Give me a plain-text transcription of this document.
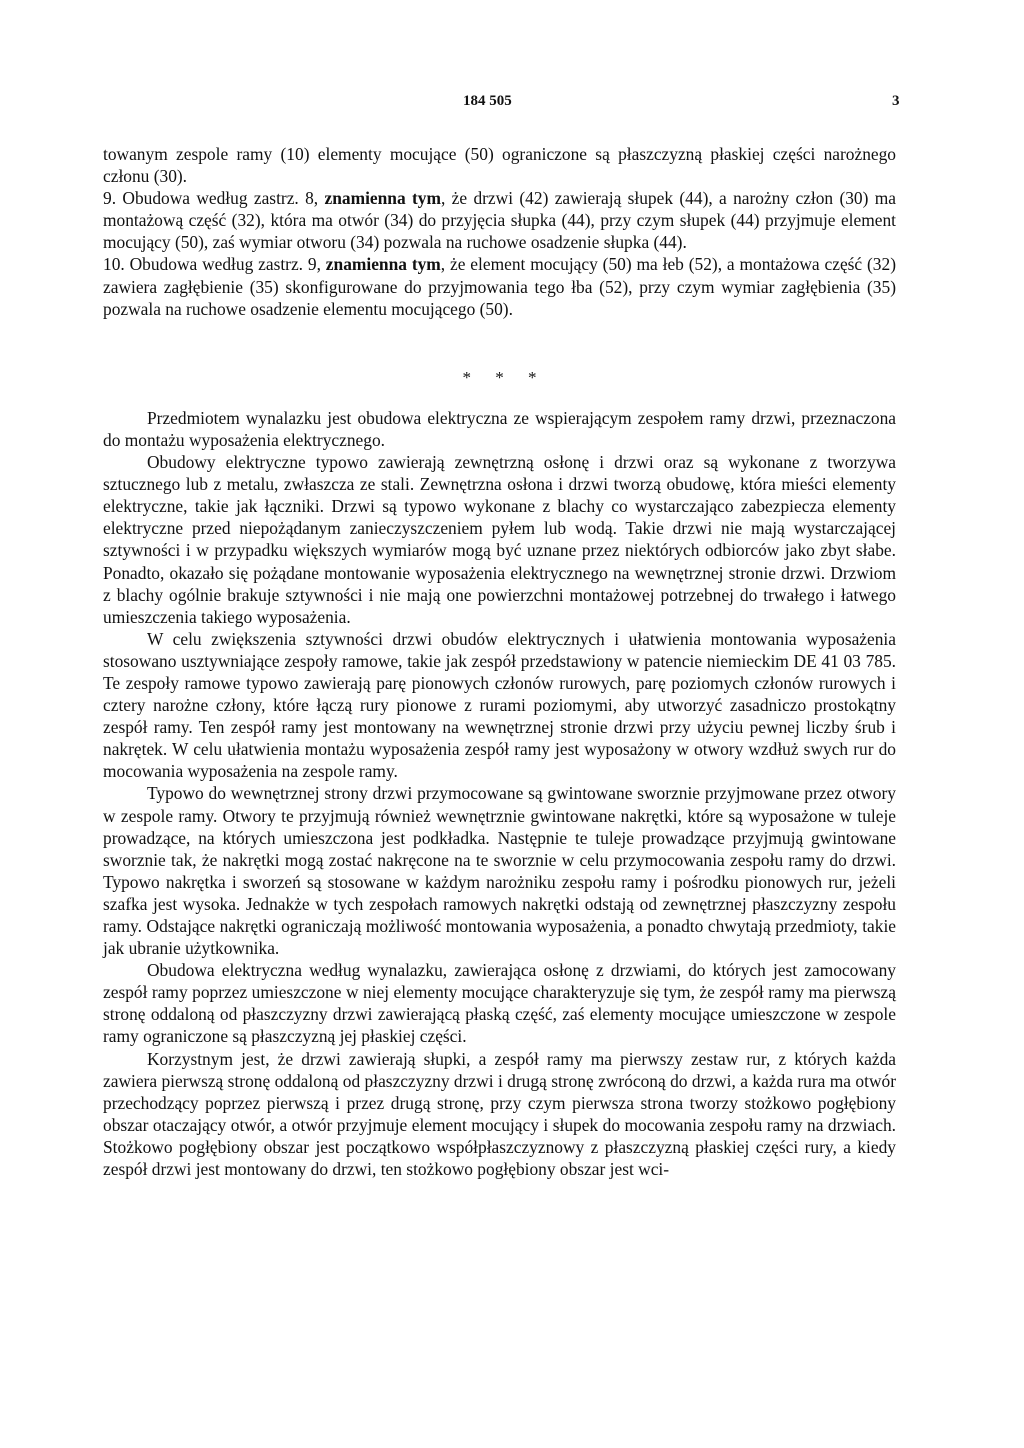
184 505	3

towanym zespole ramy (10) elementy mocujące (50) ograniczone są płaszczyzną płaskiej części narożnego członu (30).

9. Obudowa według zastrz. 8, znamienna tym, że drzwi (42) zawierają słupek (44), a narożny człon (30) ma montażową część (32), która ma otwór (34) do przyjęcia słupka (44), przy czym słupek (44) przyjmuje element mocujący (50), zaś wymiar otworu (34) pozwala na ruchowe osadzenie słupka (44).

10. Obudowa według zastrz. 9, znamienna tym, że element mocujący (50) ma łeb (52), a montażowa część (32) zawiera zagłębienie (35) skonfigurowane do przyjmowania tego łba (52), przy czym wymiar zagłębienia (35) pozwala na ruchowe osadzenie elementu mocującego (50).

* * *

Przedmiotem wynalazku jest obudowa elektryczna ze wspierającym zespołem ramy drzwi, przeznaczona do montażu wyposażenia elektrycznego.

Obudowy elektryczne typowo zawierają zewnętrzną osłonę i drzwi oraz są wykonane z tworzywa sztucznego lub z metalu, zwłaszcza ze stali. Zewnętrzna osłona i drzwi tworzą obudowę, która mieści elementy elektryczne, takie jak łączniki. Drzwi są typowo wykonane z blachy co wystarczająco zabezpiecza elementy elektryczne przed niepożądanym zanieczyszczeniem pyłem lub wodą. Takie drzwi nie mają wystarczającej sztywności i w przypadku większych wymiarów mogą być uznane przez niektórych odbiorców jako zbyt słabe. Ponadto, okazało się pożądane montowanie wyposażenia elektrycznego na wewnętrznej stronie drzwi. Drzwiom z blachy ogólnie brakuje sztywności i nie mają one powierzchni montażowej potrzebnej do trwałego i łatwego umieszczenia takiego wyposażenia.

W celu zwiększenia sztywności drzwi obudów elektrycznych i ułatwienia montowania wyposażenia stosowano usztywniające zespoły ramowe, takie jak zespół przedstawiony w patencie niemieckim DE 41 03 785. Te zespoły ramowe typowo zawierają parę pionowych członów rurowych, parę poziomych członów rurowych i cztery narożne człony, które łączą rury pionowe z rurami poziomymi, aby utworzyć zasadniczo prostokątny zespół ramy. Ten zespół ramy jest montowany na wewnętrznej stronie drzwi przy użyciu pewnej liczby śrub i nakrętek. W celu ułatwienia montażu wyposażenia zespół ramy jest wyposażony w otwory wzdłuż swych rur do mocowania wyposażenia na zespole ramy.

Typowo do wewnętrznej strony drzwi przymocowane są gwintowane sworznie przyjmowane przez otwory w zespole ramy. Otwory te przyjmują również wewnętrznie gwintowane nakrętki, które są wyposażone w tuleje prowadzące, na których umieszczona jest podkładka. Następnie te tuleje prowadzące przyjmują gwintowane sworznie tak, że nakrętki mogą zostać nakręcone na te sworznie w celu przymocowania zespołu ramy do drzwi. Typowo nakrętka i sworzeń są stosowane w każdym narożniku zespołu ramy i pośrodku pionowych rur, jeżeli szafka jest wysoka. Jednakże w tych zespołach ramowych nakrętki odstają od zewnętrznej płaszczyzny zespołu ramy. Odstające nakrętki ograniczają możliwość montowania wyposażenia, a ponadto chwytają przedmioty, takie jak ubranie użytkownika.

Obudowa elektryczna według wynalazku, zawierająca osłonę z drzwiami, do których jest zamocowany zespół ramy poprzez umieszczone w niej elementy mocujące charakteryzuje się tym, że zespół ramy ma pierwszą stronę oddaloną od płaszczyzny drzwi zawierającą płaską część, zaś elementy mocujące umieszczone w zespole ramy ograniczone są płaszczyzną jej płaskiej części.

Korzystnym jest, że drzwi zawierają słupki, a zespół ramy ma pierwszy zestaw rur, z których każda zawiera pierwszą stronę oddaloną od płaszczyzny drzwi i drugą stronę zwróconą do drzwi, a każda rura ma otwór przechodzący poprzez pierwszą i przez drugą stronę, przy czym pierwsza strona tworzy stożkowo pogłębiony obszar otaczający otwór, a otwór przyjmuje element mocujący i słupek do mocowania zespołu ramy na drzwiach. Stożkowo pogłębiony obszar jest początkowo współpłaszczyznowy z płaszczyzną płaskiej części rury, a kiedy zespół drzwi jest montowany do drzwi, ten stożkowo pogłębiony obszar jest wci-
